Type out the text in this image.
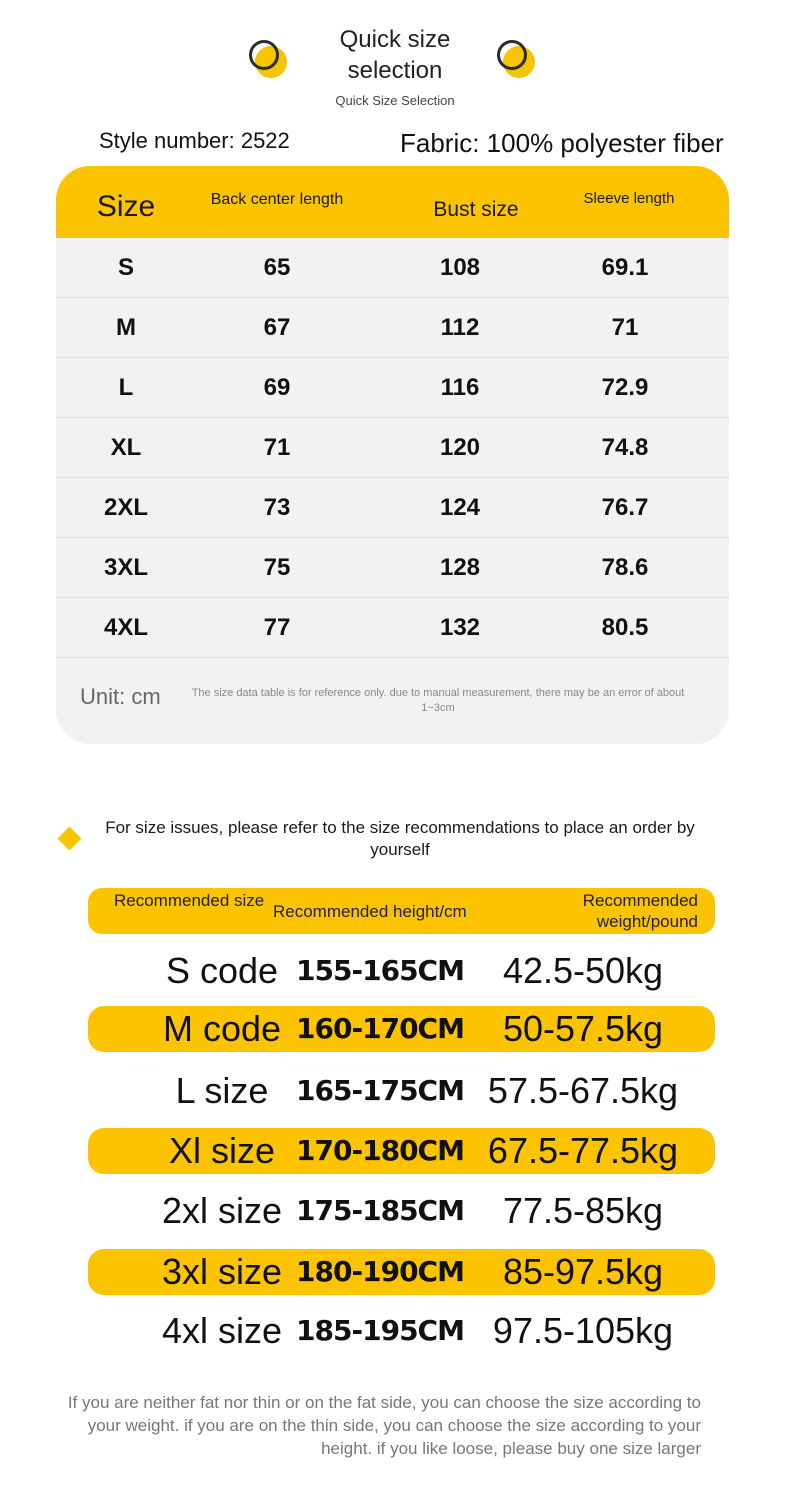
Quick size selection
Quick Size Selection
Style number: 2522	Fabric: 100% polyester fiber
Size	Back center length	Bust size	Sleeve length
S	65	108	69.1
M	67	112	71
L	69	116	72.9
XL	71	120	74.8
2XL	73	124	76.7
3XL	75	128	78.6
4XL	77	132	80.5
Unit: cm	The size data table is for reference only. due to manual measurement, there may be an error of about 1~3cm
For size issues, please refer to the size recommendations to place an order by yourself
Recommended size
Recommended height/cm
Recommended weight/pound
S code 155-165CM	42.5-50kg
M code 160-170CM	50-57.5kg
L size 165-175CM 57.5-67.5kg
Xl size 170-180CM 67.5-77.5kg
2xl size 175-185CM	77.5-85kg
3xl size 180-190CM	85-97.5kg
4xl size 185-195CM 97.5-105kg
If you are neither fat nor thin or on the fat side, you can choose the size according to your weight. if you are on the thin side, you can choose the size according to your height. if you like loose, please buy one size larger
